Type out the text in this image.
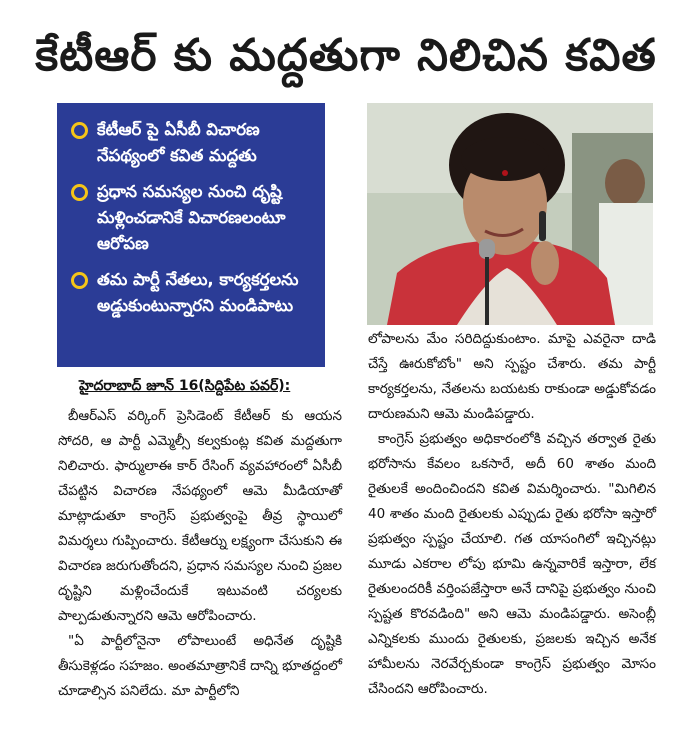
కేటీఆర్ కు మద్దతుగా నిలిచిన కవిత
కేటీఆర్ పై ఏసీబీ విచారణ నేపథ్యంలో కవిత మద్దతు
ప్రధాన సమస్యల నుంచి దృష్టి మళ్లించడానికే విచారణలంటూ ఆరోపణ
తమ పార్టీ నేతలు, కార్యకర్తలను అడ్డుకుంటున్నారని మండిపాటు
హైదరాబాద్ జూన్ 16(సిద్దిపేట పవర్):

బీఆర్ఎస్ వర్కింగ్ ప్రెసిడెంట్ కేటీఆర్ కు ఆయన సోదరి, ఆ పార్టీ ఎమ్మెల్సీ కల్వకుంట్ల కవిత మద్దతుగా నిలిచారు. ఫార్ములాఈ కార్ రేసింగ్ వ్యవహారంలో ఏసీబీ చేపట్టిన విచారణ నేపథ్యంలో ఆమె మీడియాతో మాట్లాడుతూ కాంగ్రెస్ ప్రభుత్వంపై తీవ్ర స్థాయిలో విమర్శలు గుప్పించారు. కేటీఆర్ను లక్ష్యంగా చేసుకుని ఈ విచారణ జరుగుతోందని, ప్రధాన సమస్యల నుంచి ప్రజల దృష్టిని మళ్లించేందుకే ఇటువంటి చర్యలకు పాల్పడుతున్నారని ఆమె ఆరోపించారు.

"ఏ పార్టీలోనైనా లోపాలుంటే అధినేత దృష్టికి తీసుకెళ్లడం సహజం. అంతమాత్రానికే దాన్ని భూతద్దంలో చూడాల్సిన పనిలేదు. మా పార్టీలోని

లోపాలను మేం సరిదిద్దుకుంటాం. మాపై ఎవరైనా దాడి చేస్తే ఊరుకోబోం" అని స్పష్టం చేశారు. తమ పార్టీ కార్యకర్తలను, నేతలను బయటకు రాకుండా అడ్డుకోవడం దారుణమని ఆమె మండిపడ్డారు.

కాంగ్రెస్ ప్రభుత్వం అధికారంలోకి వచ్చిన తర్వాత రైతు భరోసాను కేవలం ఒకసారే, అదీ 60 శాతం మంది రైతులకే అందించిందని కవిత విమర్శించారు. "మిగిలిన 40 శాతం మంది రైతులకు ఎప్పుడు రైతు భరోసా ఇస్తారో ప్రభుత్వం స్పష్టం చేయాలి. గత యాసంగిలో ఇచ్చినట్లు మూడు ఎకరాల లోపు భూమి ఉన్నవారికే ఇస్తారా, లేక రైతులందరికీ వర్తింపజేస్తారా అనే దానిపై ప్రభుత్వం నుంచి స్పష్టత కొరవడింది" అని ఆమె మండిపడ్డారు. అసెంబ్లీ ఎన్నికలకు ముందు రైతులకు, ప్రజలకు ఇచ్చిన అనేక హామీలను నెరవేర్చకుండా కాంగ్రెస్ ప్రభుత్వం మోసం చేసిందని ఆరోపించారు.
